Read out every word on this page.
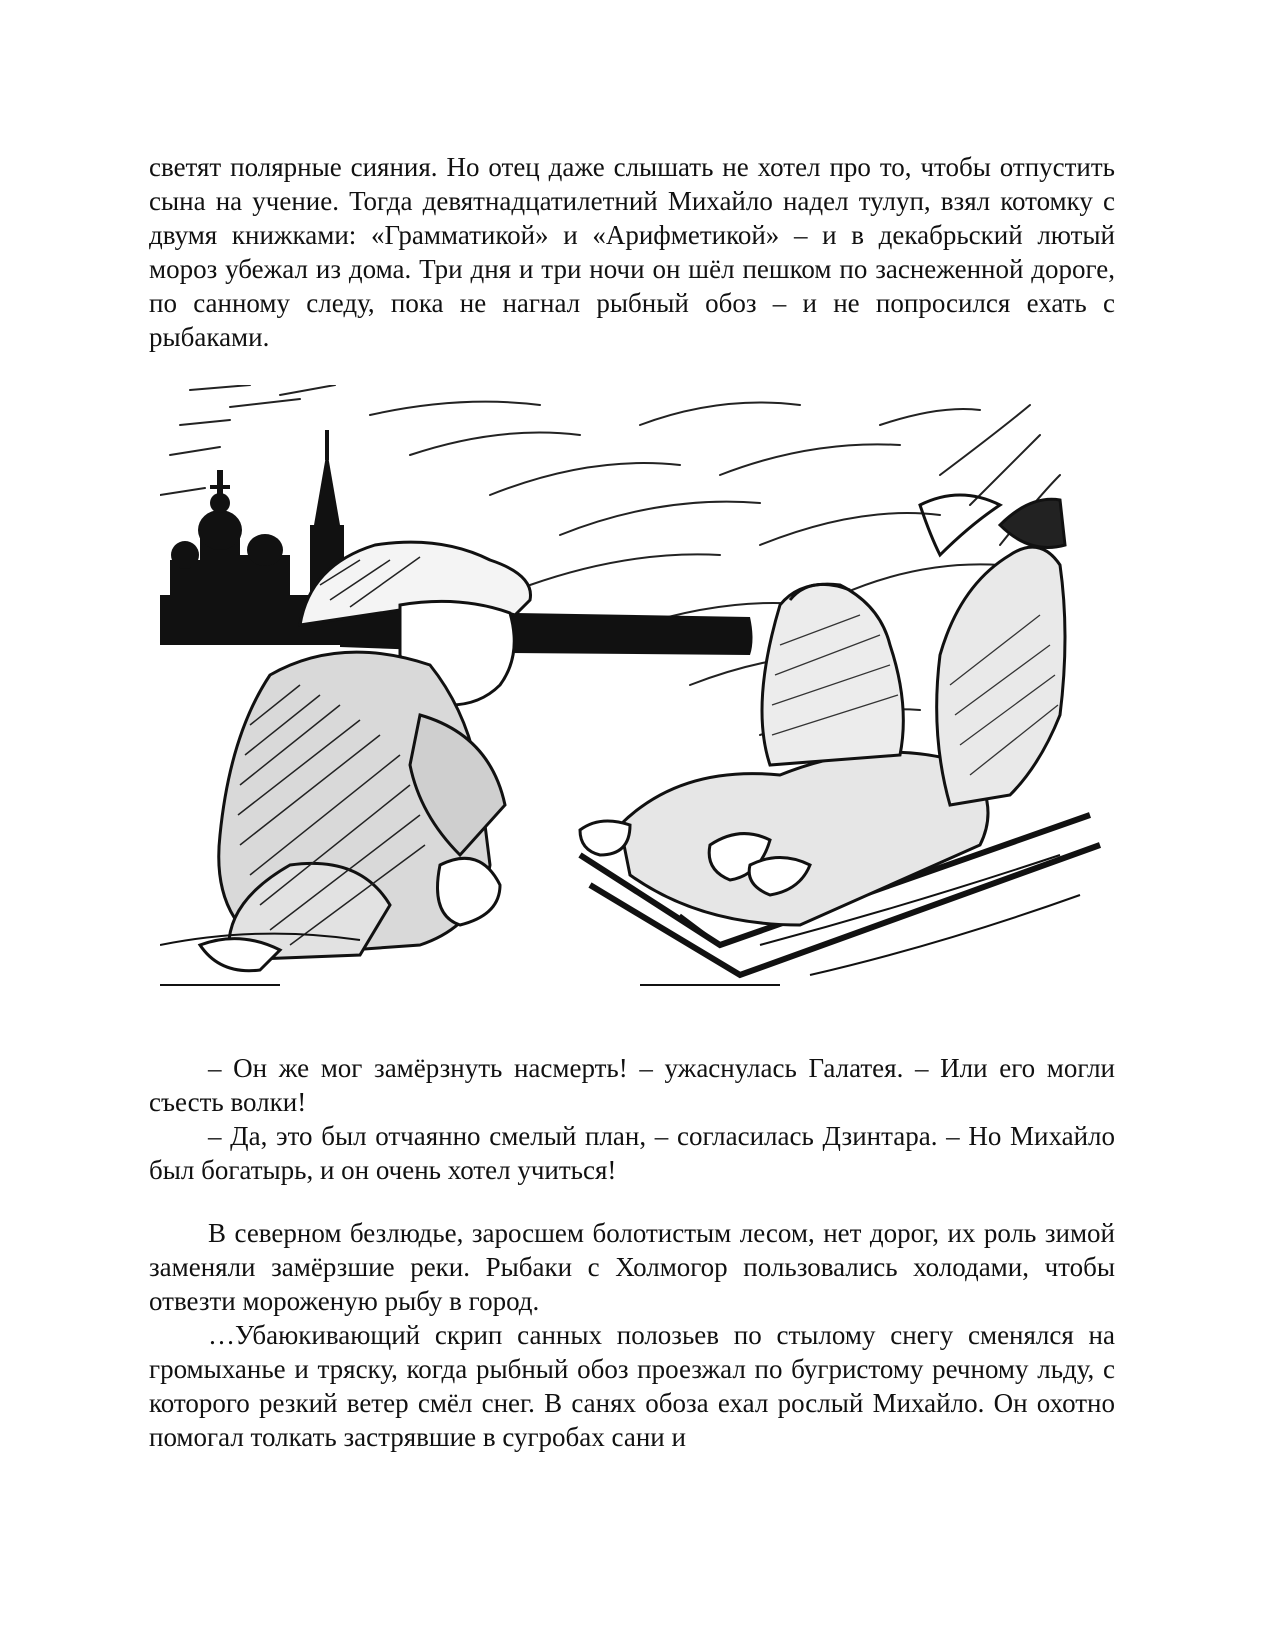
светят полярные сияния. Но отец даже слышать не хотел про то, чтобы отпустить сына на учение. Тогда девятнадцатилетний Михайло надел тулуп, взял котомку с двумя книжками: «Грамматикой» и «Арифметикой» – и в декабрьский лютый мороз убежал из дома. Три дня и три ночи он шёл пешком по заснеженной дороге, по санному следу, пока не нагнал рыбный обоз – и не попросился ехать с рыбаками.

– Он же мог замёрзнуть насмерть! – ужаснулась Галатея. – Или его могли съесть волки!

– Да, это был отчаянно смелый план, – согласилась Дзинтара. – Но Михайло был богатырь, и он очень хотел учиться!

В северном безлюдье, заросшем болотистым лесом, нет дорог, их роль зимой заменяли замёрзшие реки. Рыбаки с Холмогор пользовались холодами, чтобы отвезти мороженую рыбу в город.

…Убаюкивающий скрип санных полозьев по стылому снегу сменялся на громыханье и тряску, когда рыбный обоз проезжал по бугристому речному льду, с которого резкий ветер смёл снег. В санях обоза ехал рослый Михайло. Он охотно помогал толкать застрявшие в сугробах сани и
